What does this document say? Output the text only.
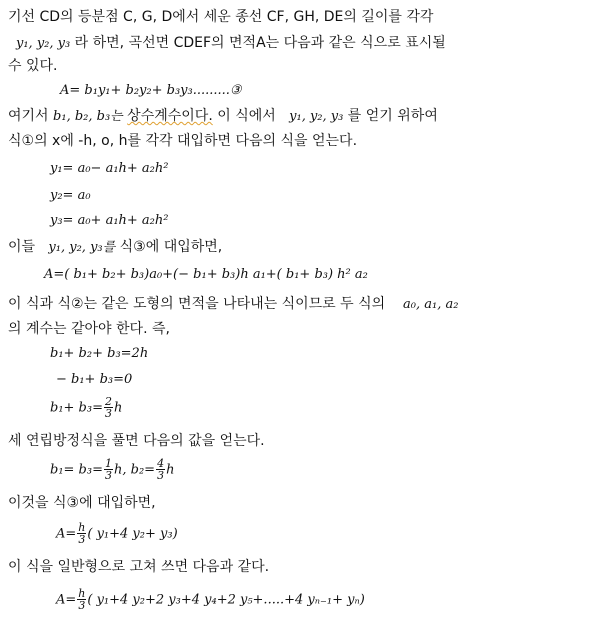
기선 CD의 등분점 C, G, D에서 세운 종선 CF, GH, DE의 길이를 각각
y₁, y₂, y₃ 라 하면, 곡선면 CDEF의 면적A는 다음과 같은 식으로 표시될
수 있다.
A= b₁y₁+ b₂y₂+ b₃y₃.........③
여기서 b₁, b₂, b₃는 상수계수이다. 이 식에서 y₁, y₂, y₃ 를 얻기 위하여
식①의 x에 -h, o, h를 각각 대입하면 다음의 식을 얻는다.
y₁= a₀− a₁h+ a₂h²
y₂= a₀
y₃= a₀+ a₁h+ a₂h²
이들 y₁, y₂, y₃를 식③에 대입하면,
A=( b₁+ b₂+ b₃)a₀+(− b₁+ b₃)h a₁+( b₁+ b₃) h² a₂
이 식과 식②는 같은 도형의 면적을 나타내는 식이므로 두 식의 a₀, a₁, a₂
의 계수는 같아야 한다. 즉,
b₁+ b₂+ b₃=2h
− b₁+ b₃=0
$b_1+ b_3= \frac{2}{3}$ h
세 연립방정식을 풀면 다음의 값을 얻는다.
$b_1= b_3= \frac{1}{3} h$, $b_2= \frac{4}{3}$ h
이것을 식③에 대입하면,
$A= \frac{h}{3}$ ( y₁+4 y₂+ y₃)
이 식을 일반형으로 고쳐 쓰면 다음과 같다.
$A= \frac{h}{3}$ ( y₁+4 y₂+2 y₃+4 y₄+2 y₅+.....+4 yₙ₋₁+ yₙ)
